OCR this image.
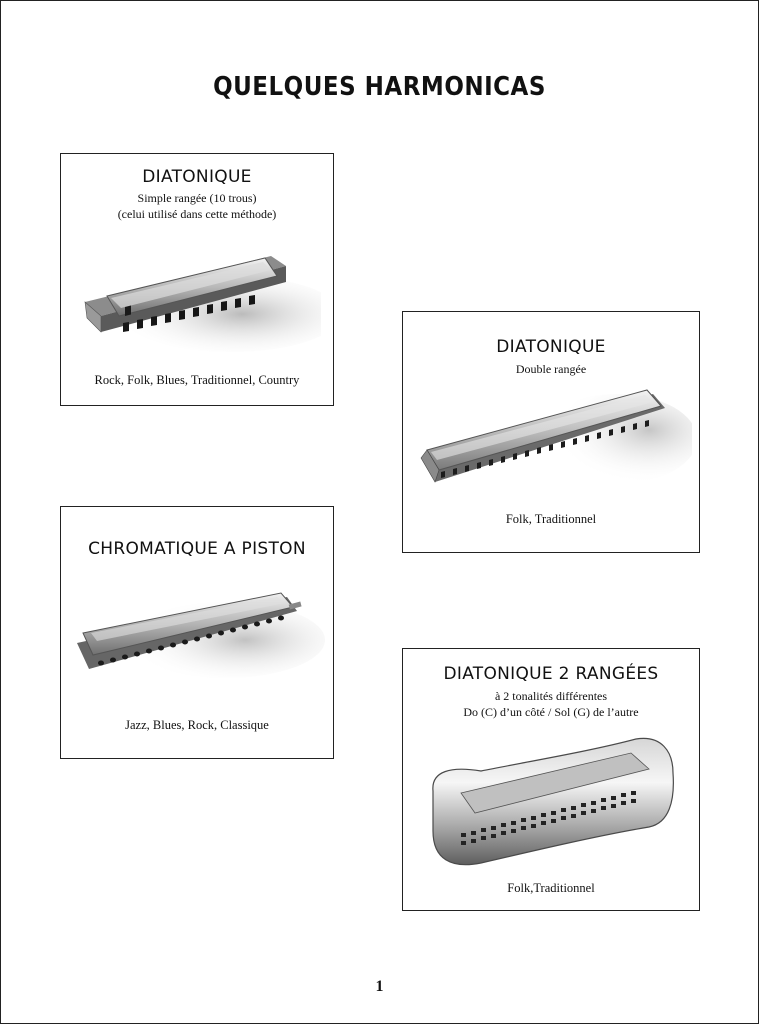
QUELQUES HARMONICAS
DIATONIQUE
Simple rangée (10 trous)
(celui utilisé dans cette méthode)
Rock, Folk, Blues, Traditionnel, Country
DIATONIQUE
Double rangée
Folk, Traditionnel
CHROMATIQUE A PISTON
Jazz, Blues, Rock, Classique
DIATONIQUE 2 RANGÉES
à 2 tonalités différentes
Do (C) d’un côté / Sol (G) de l’autre
Folk,Traditionnel
1
